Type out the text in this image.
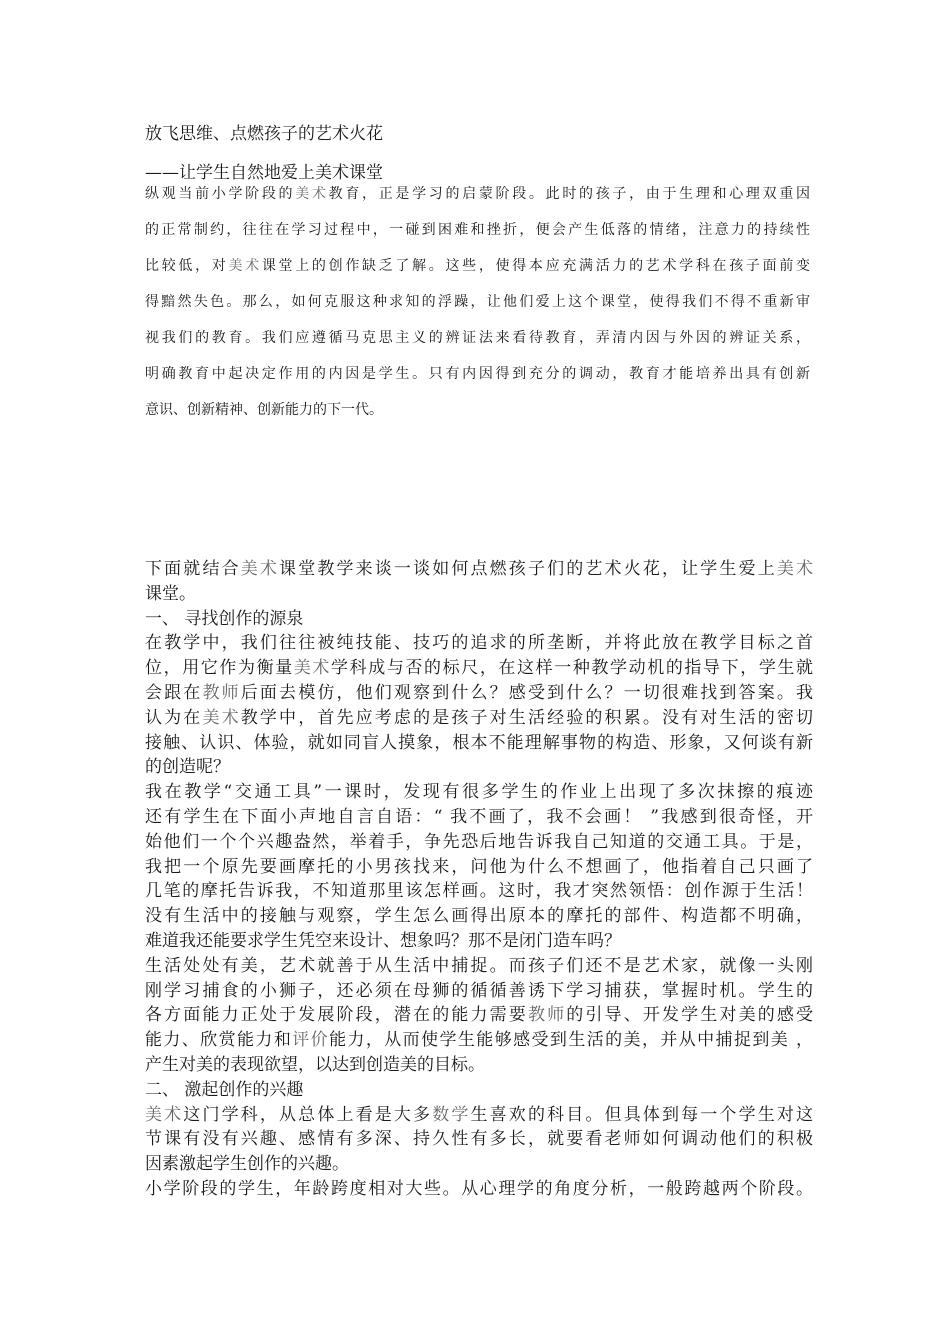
放飞思维、点燃孩子的艺术火花
——让学生自然地爱上美术课堂
纵观当前小学阶段的美术教育，正是学习的启蒙阶段。此时的孩子，由于生理和心理双重因
的正常制约，往往在学习过程中，一碰到困难和挫折，便会产生低落的情绪，注意力的持续性
比较低，对美术课堂上的创作缺乏了解。这些，使得本应充满活力的艺术学科在孩子面前变
得黯然失色。那么，如何克服这种求知的浮躁，让他们爱上这个课堂，使得我们不得不重新审
视我们的教育。我们应遵循马克思主义的辨证法来看待教育，弄清内因与外因的辨证关系，
明确教育中起决定作用的内因是学生。只有内因得到充分的调动，教育才能培养出具有创新
意识、创新精神、创新能力的下一代。
下面就结合美术课堂教学来谈一谈如何点燃孩子们的艺术火花，让学生爱上美术
课堂。
一、 寻找创作的源泉
在教学中，我们往往被纯技能、技巧的追求的所垄断，并将此放在教学目标之首
位，用它作为衡量美术学科成与否的标尺，在这样一种教学动机的指导下，学生就
会跟在教师后面去模仿，他们观察到什么？感受到什么？一切很难找到答案。我
认为在美术教学中，首先应考虑的是孩子对生活经验的积累。没有对生活的密切
接触、认识、体验，就如同盲人摸象，根本不能理解事物的构造、形象，又何谈有新
的创造呢？
我在教学“交通工具”一课时，发现有很多学生的作业上出现了多次抹擦的痕迹
还有学生在下面小声地自言自语：“ 我不画了，我不会画！ ”我感到很奇怪，开
始他们一个个兴趣盎然，举着手，争先恐后地告诉我自己知道的交通工具。于是，
我把一个原先要画摩托的小男孩找来，问他为什么不想画了，他指着自己只画了
几笔的摩托告诉我，不知道那里该怎样画。这时，我才突然领悟：创作源于生活！
没有生活中的接触与观察，学生怎么画得出原本的摩托的部件、构造都不明确，
难道我还能要求学生凭空来设计、想象吗？那不是闭门造车吗？
生活处处有美，艺术就善于从生活中捕捉。而孩子们还不是艺术家，就像一头刚
刚学习捕食的小狮子，还必须在母狮的循循善诱下学习捕获，掌握时机。学生的
各方面能力正处于发展阶段，潜在的能力需要教师的引导、开发学生对美的感受
能力、欣赏能力和评价能力，从而使学生能够感受到生活的美，并从中捕捉到美 ，
产生对美的表现欲望，以达到创造美的目标。
二、 激起创作的兴趣
美术这门学科，从总体上看是大多数学生喜欢的科目。但具体到每一个学生对这
节课有没有兴趣、感情有多深、持久性有多长，就要看老师如何调动他们的积极
因素激起学生创作的兴趣。
小学阶段的学生，年龄跨度相对大些。从心理学的角度分析，一般跨越两个阶段。
